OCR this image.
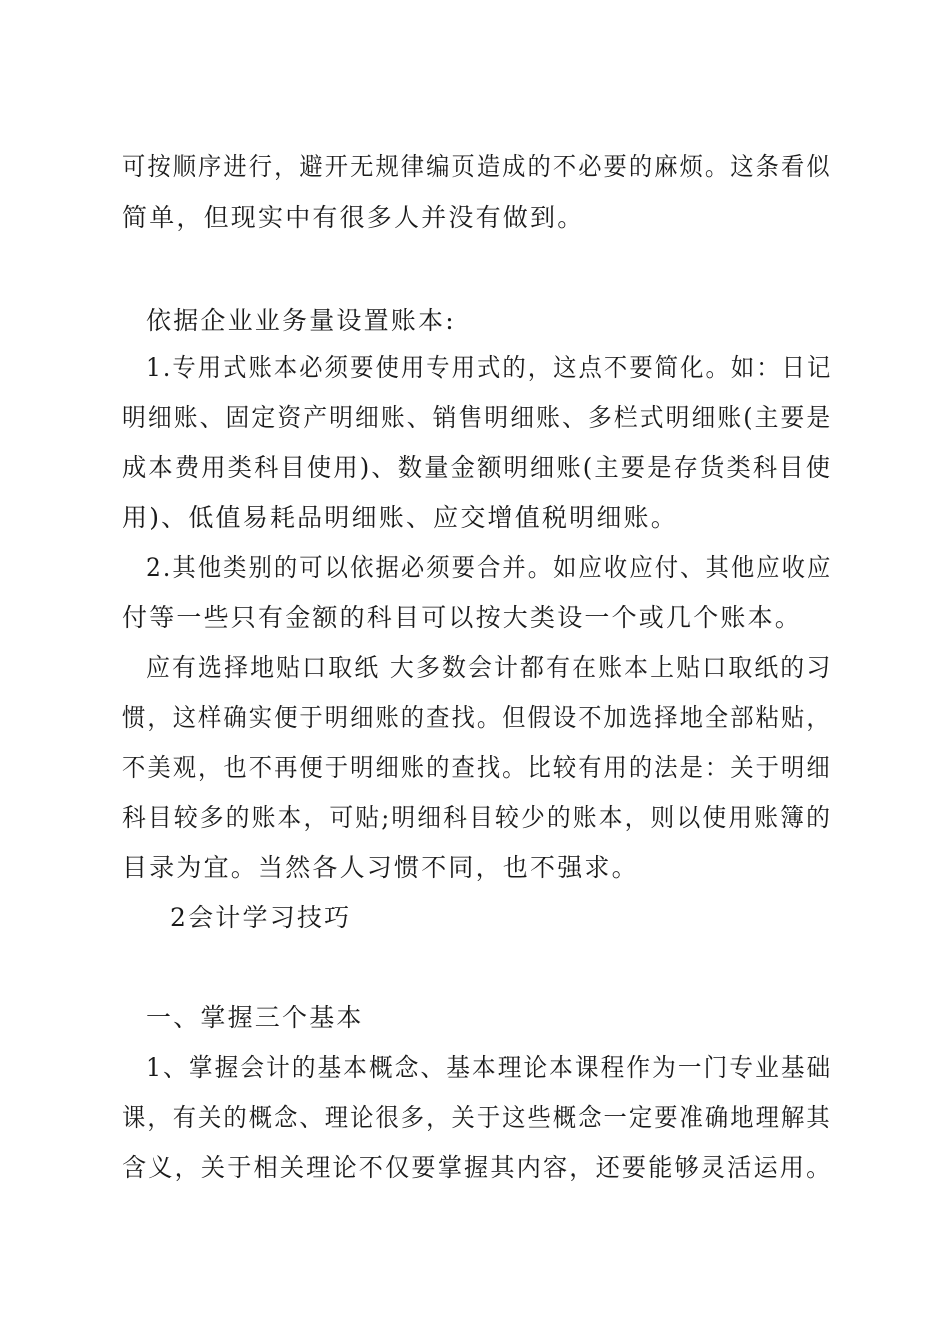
可按顺序进行，避开无规律编页造成的不必要的麻烦。这条看似
简单，但现实中有很多人并没有做到。
依据企业业务量设置账本:
1.专用式账本必须要使用专用式的，这点不要简化。如：日记
明细账、固定资产明细账、销售明细账、多栏式明细账(主要是
成本费用类科目使用)、数量金额明细账(主要是存货类科目使
用)、低值易耗品明细账、应交增值税明细账。
2.其他类别的可以依据必须要合并。如应收应付、其他应收应
付等一些只有金额的科目可以按大类设一个或几个账本。
应有选择地贴口取纸 大多数会计都有在账本上贴口取纸的习
惯，这样确实便于明细账的查找。但假设不加选择地全部粘贴，
不美观，也不再便于明细账的查找。比较有用的法是：关于明细
科目较多的账本，可贴;明细科目较少的账本，则以使用账簿的
目录为宜。当然各人习惯不同，也不强求。
2会计学习技巧
一、掌握三个基本
1、掌握会计的基本概念、基本理论本课程作为一门专业基础
课，有关的概念、理论很多，关于这些概念一定要准确地理解其
含义，关于相关理论不仅要掌握其内容，还要能够灵活运用。
